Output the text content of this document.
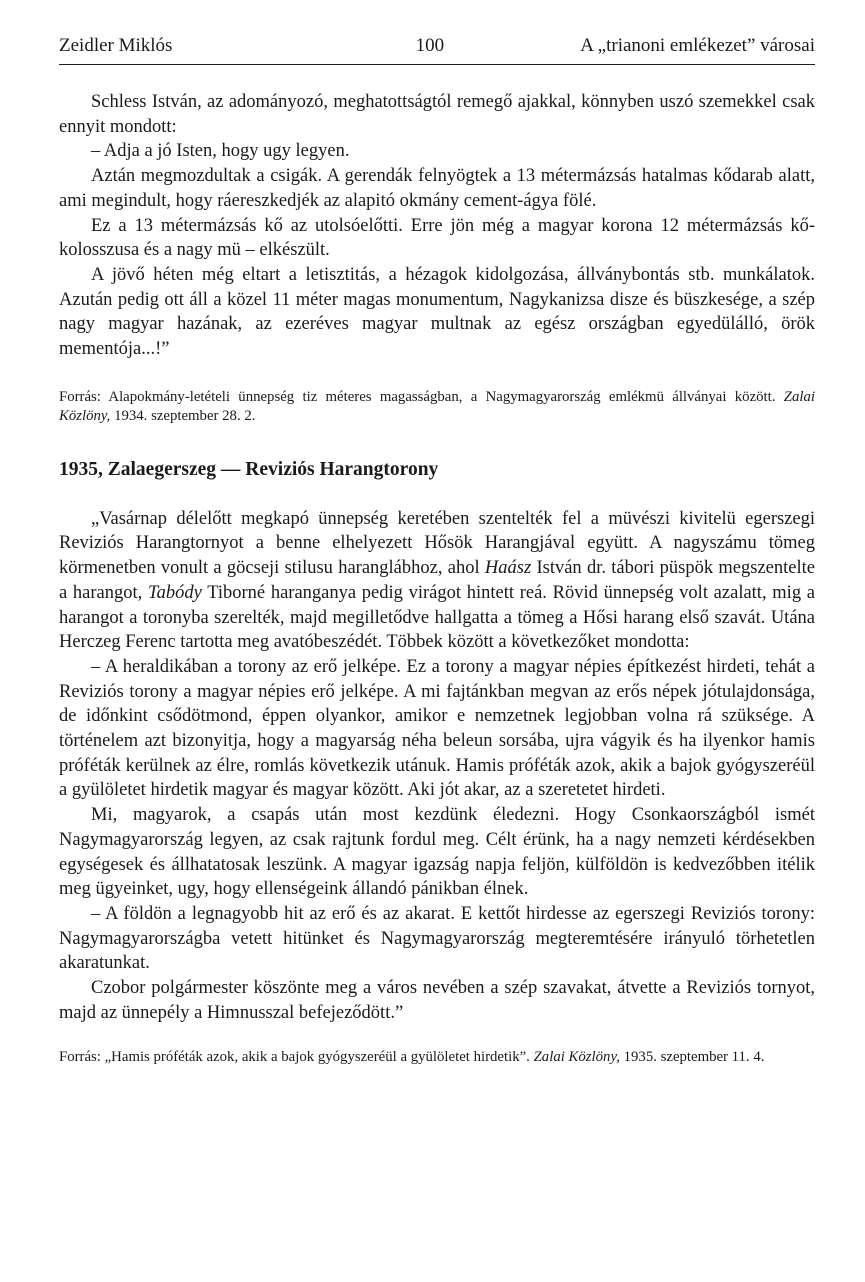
Zeidler Miklós	100	A „trianoni emlékezet” városai

Schless István, az adományozó, meghatottságtól remegő ajakkal, könnyben uszó szemekkel csak ennyit mondott:

– Adja a jó Isten, hogy ugy legyen.

Aztán megmozdultak a csigák. A gerendák felnyögtek a 13 métermázsás hatalmas kődarab alatt, ami megindult, hogy ráereszkedjék az alapitó okmány cement-ágya fölé.

Ez a 13 métermázsás kő az utolsóelőtti. Erre jön még a magyar korona 12 métermázsás kő-kolosszusa és a nagy mü – elkészült.

A jövő héten még eltart a letisztitás, a hézagok kidolgozása, állványbontás stb. munkálatok. Azután pedig ott áll a közel 11 méter magas monumentum, Nagykanizsa disze és büszkesége, a szép nagy magyar hazának, az ezeréves magyar multnak az egész országban egyedülálló, örök mementója...!”

Forrás: Alapokmány-letételi ünnepség tiz méteres magasságban, a Nagymagyarország emlékmü állványai között. Zalai Közlöny, 1934. szeptember 28. 2.

1935, Zalaegerszeg — Reviziós Harangtorony

„Vasárnap délelőtt megkapó ünnepség keretében szentelték fel a müvészi kivitelü egerszegi Reviziós Harangtornyot a benne elhelyezett Hősök Harangjával együtt. A nagyszámu tömeg körmenetben vonult a göcseji stilusu haranglábhoz, ahol Haász István dr. tábori püspök megszentelte a harangot, Tabódy Tiborné haranganya pedig virágot hintett reá. Rövid ünnepség volt azalatt, mig a harangot a toronyba szerelték, majd megilletődve hallgatta a tömeg a Hősi harang első szavát. Utána Herczeg Ferenc tartotta meg avatóbeszédét. Többek között a következőket mondotta:

– A heraldikában a torony az erő jelképe. Ez a torony a magyar népies építkezést hirdeti, tehát a Reviziós torony a magyar népies erő jelképe. A mi fajtánkban megvan az erős népek jótulajdonsága, de időnkint csődötmond, éppen olyankor, amikor e nemzetnek legjobban volna rá szüksége. A történelem azt bizonyitja, hogy a magyarság néha beleun sorsába, ujra vágyik és ha ilyenkor hamis próféták kerülnek az élre, romlás következik utánuk. Hamis próféták azok, akik a bajok gyógyszeréül a gyülöletet hirdetik magyar és magyar között. Aki jót akar, az a szeretetet hirdeti.

Mi, magyarok, a csapás után most kezdünk éledezni. Hogy Csonkaországból ismét Nagymagyarország legyen, az csak rajtunk fordul meg. Célt érünk, ha a nagy nemzeti kérdésekben egységesek és állhatatosak leszünk. A magyar igazság napja feljön, külföldön is kedvezőbben itélik meg ügyeinket, ugy, hogy ellenségeink állandó pánikban élnek.

– A földön a legnagyobb hit az erő és az akarat. E kettőt hirdesse az egerszegi Reviziós torony: Nagymagyarországba vetett hitünket és Nagymagyarország megteremtésére irányuló törhetetlen akaratunkat.

Czobor polgármester köszönte meg a város nevében a szép szavakat, átvette a Reviziós tornyot, majd az ünnepély a Himnusszal befejeződött.”

Forrás: „Hamis próféták azok, akik a bajok gyógyszeréül a gyülöletet hirdetik”. Zalai Közlöny, 1935. szeptember 11. 4.
